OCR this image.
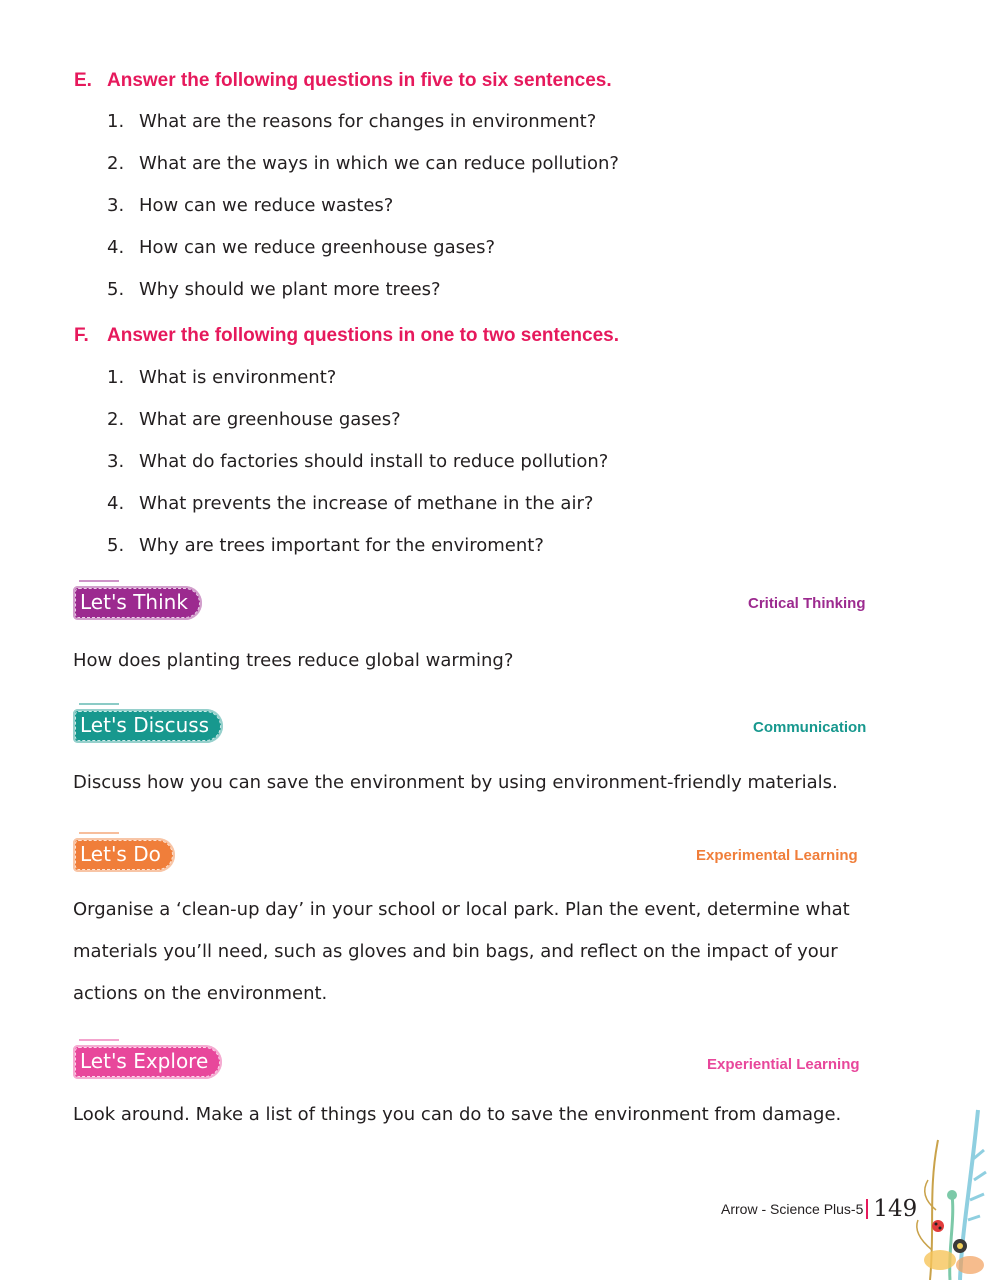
E. Answer the following questions in five to six sentences.
1. What are the reasons for changes in environment?
2. What are the ways in which we can reduce pollution?
3. How can we reduce wastes?
4. How can we reduce greenhouse gases?
5. Why should we plant more trees?
F. Answer the following questions in one to two sentences.
1. What is environment?
2. What are greenhouse gases?
3. What do factories should install to reduce pollution?
4. What prevents the increase of methane in the air?
5. Why are trees important for the enviroment?
Let's Think	Critical Thinking

How does planting trees reduce global warming?

Let's Discuss	Communication

Discuss how you can save the environment by using environment-friendly materials.

Let's Do	Experimental Learning

Organise a ‘clean-up day’ in your school or local park. Plan the event, determine what materials you’ll need, such as gloves and bin bags, and reflect on the impact of your actions on the environment.

Let's Explore	Experiential Learning

Look around. Make a list of things you can do to save the environment from damage.

Arrow - Science Plus-5 149
